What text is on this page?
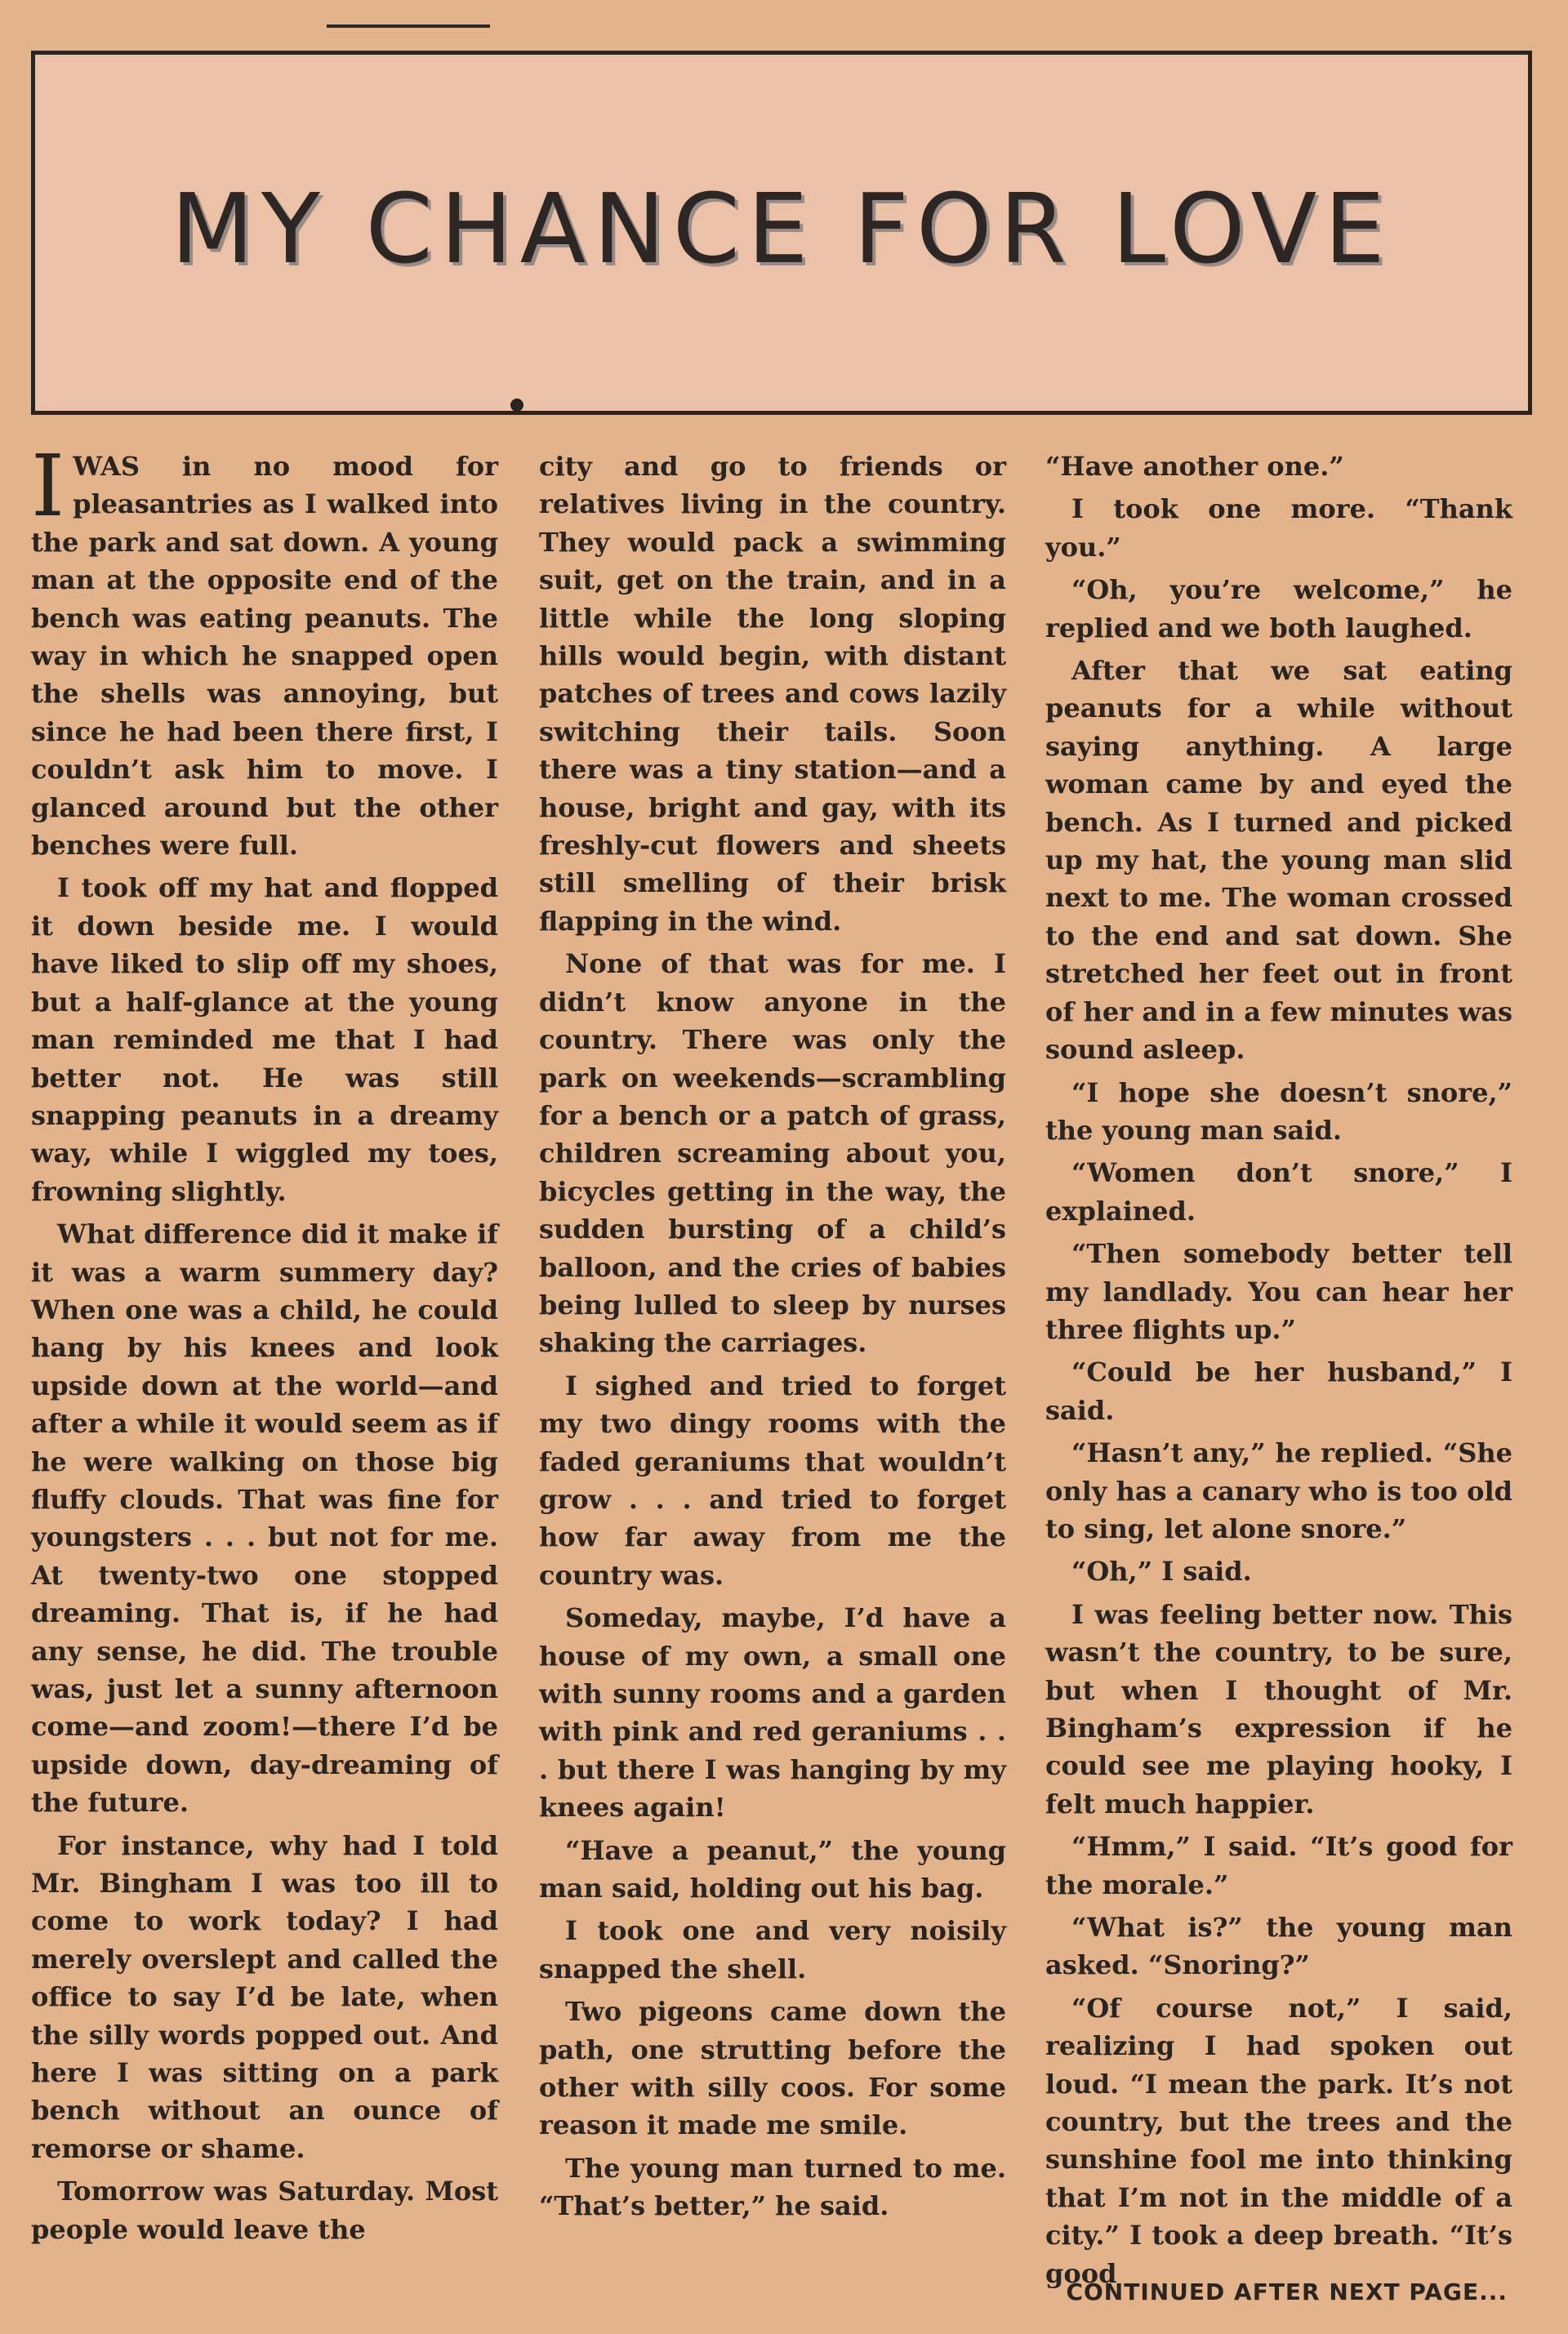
MY CHANCE FOR LOVE

IWAS in no mood for pleasantries as I walked into the park and sat down. A young man at the opposite end of the bench was eating peanuts. The way in which he snapped open the shells was annoying, but since he had been there first, I couldn’t ask him to move. I glanced around but the other benches were full.

I took off my hat and flopped it down beside me. I would have liked to slip off my shoes, but a half-glance at the young man reminded me that I had better not. He was still snapping peanuts in a dreamy way, while I wiggled my toes, frowning slightly.

What difference did it make if it was a warm summery day? When one was a child, he could hang by his knees and look upside down at the world—and after a while it would seem as if he were walking on those big fluffy clouds. That was fine for youngsters . . . but not for me. At twenty-two one stopped dreaming. That is, if he had any sense, he did. The trouble was, just let a sunny afternoon come—and zoom!—there I’d be upside down, day-dreaming of the future.

For instance, why had I told Mr. Bingham I was too ill to come to work today? I had merely overslept and called the office to say I’d be late, when the silly words popped out. And here I was sitting on a park bench without an ounce of remorse or shame.

Tomorrow was Saturday. Most people would leave the

city and go to friends or relatives living in the country. They would pack a swimming suit, get on the train, and in a little while the long sloping hills would begin, with distant patches of trees and cows lazily switching their tails. Soon there was a tiny station—and a house, bright and gay, with its freshly-cut flowers and sheets still smelling of their brisk flapping in the wind.

None of that was for me. I didn’t know anyone in the country. There was only the park on weekends—scrambling for a bench or a patch of grass, children screaming about you, bicycles getting in the way, the sudden bursting of a child’s balloon, and the cries of babies being lulled to sleep by nurses shaking the carriages.

I sighed and tried to forget my two dingy rooms with the faded geraniums that wouldn’t grow . . . and tried to forget how far away from me the country was.

Someday, maybe, I’d have a house of my own, a small one with sunny rooms and a garden with pink and red geraniums . . . but there I was hanging by my knees again!

“Have a peanut,” the young man said, holding out his bag.

I took one and very noisily snapped the shell.

Two pigeons came down the path, one strutting before the other with silly coos. For some reason it made me smile.

The young man turned to me. “That’s better,” he said.

“Have another one.”

I took one more. “Thank you.”

“Oh, you’re welcome,” he replied and we both laughed.

After that we sat eating peanuts for a while without saying anything. A large woman came by and eyed the bench. As I turned and picked up my hat, the young man slid next to me. The woman crossed to the end and sat down. She stretched her feet out in front of her and in a few minutes was sound asleep.

“I hope she doesn’t snore,” the young man said.

“Women don’t snore,” I explained.

“Then somebody better tell my landlady. You can hear her three flights up.”

“Could be her husband,” I said.

“Hasn’t any,” he replied. “She only has a canary who is too old to sing, let alone snore.”

“Oh,” I said.

I was feeling better now. This wasn’t the country, to be sure, but when I thought of Mr. Bingham’s expression if he could see me playing hooky, I felt much happier.

“Hmm,” I said. “It’s good for the morale.”

“What is?” the young man asked. “Snoring?”

“Of course not,” I said, realizing I had spoken out loud. “I mean the park. It’s not country, but the trees and the sunshine fool me into thinking that I’m not in the middle of a city.” I took a deep breath. “It’s good

CONTINUED AFTER NEXT PAGE...
